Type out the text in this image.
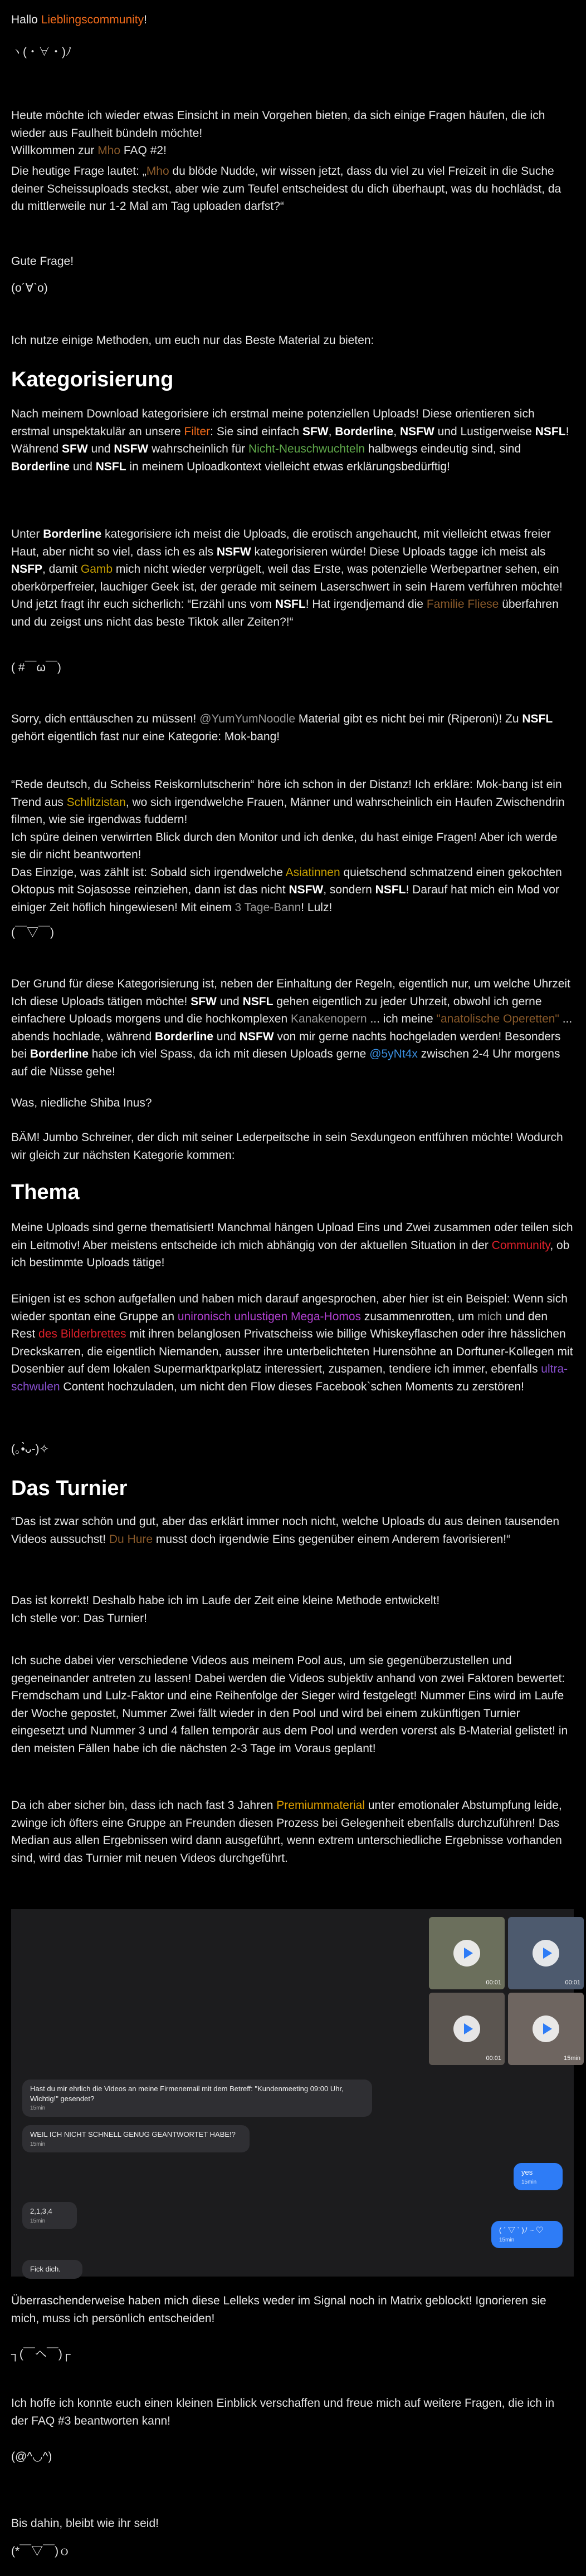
Hallo Lieblingscommunity!

ヽ(・∀・)ﾉ

Heute möchte ich wieder etwas Einsicht in mein Vorgehen bieten, da sich einige Fragen häufen, die ich wieder aus Faulheit bündeln möchte!
Willkommen zur Mho FAQ #2!

Die heutige Frage lautet: „Mho du blöde Nudde, wir wissen jetzt, dass du viel zu viel Freizeit in die Suche deiner Scheissuploads steckst, aber wie zum Teufel entscheidest du dich überhaupt, was du hochlädst, da du mittlerweile nur 1-2 Mal am Tag uploaden darfst?“

Gute Frage!

(o´∀`o)

Ich nutze einige Methoden, um euch nur das Beste Material zu bieten:

Kategorisierung

Nach meinem Download kategorisiere ich erstmal meine potenziellen Uploads! Diese orientieren sich erstmal unspektakulär an unsere Filter: Sie sind einfach SFW, Borderline, NSFW und Lustigerweise NSFL! Während SFW und NSFW wahrscheinlich für Nicht-Neuschwuchteln halbwegs eindeutig sind, sind Borderline und NSFL in meinem Uploadkontext vielleicht etwas erklärungsbedürftig!

Unter Borderline kategorisiere ich meist die Uploads, die erotisch angehaucht, mit vielleicht etwas freier Haut, aber nicht so viel, dass ich es als NSFW kategorisieren würde! Diese Uploads tagge ich meist als NSFP, damit Gamb mich nicht wieder verprügelt, weil das Erste, was potenzielle Werbepartner sehen, ein oberkörperfreier, lauchiger Geek ist, der gerade mit seinem Laserschwert in sein Harem verführen möchte! Und jetzt fragt ihr euch sicherlich: “Erzähl uns vom NSFL! Hat irgendjemand die Familie Fliese überfahren und du zeigst uns nicht das beste Tiktok aller Zeiten?!“

( #￣ω￣)

Sorry, dich enttäuschen zu müssen! @YumYumNoodle Material gibt es nicht bei mir (Riperoni)! Zu NSFL gehört eigentlich fast nur eine Kategorie: Mok-bang!

“Rede deutsch, du Scheiss Reiskornlutscherin“ höre ich schon in der Distanz! Ich erkläre: Mok-bang ist ein Trend aus Schlitzistan, wo sich irgendwelche Frauen, Männer und wahrscheinlich ein Haufen Zwischendrin filmen, wie sie irgendwas fuddern!
Ich spüre deinen verwirrten Blick durch den Monitor und ich denke, du hast einige Fragen! Aber ich werde sie dir nicht beantworten!
Das Einzige, was zählt ist: Sobald sich irgendwelche Asiatinnen quietschend schmatzend einen gekochten Oktopus mit Sojasosse reinziehen, dann ist das nicht NSFW, sondern NSFL! Darauf hat mich ein Mod vor einiger Zeit höflich hingewiesen! Mit einem 3 Tage-Bann! Lulz!

(￣▽￣)

Der Grund für diese Kategorisierung ist, neben der Einhaltung der Regeln, eigentlich nur, um welche Uhrzeit Ich diese Uploads tätigen möchte! SFW und NSFL gehen eigentlich zu jeder Uhrzeit, obwohl ich gerne einfachere Uploads morgens und die hochkomplexen Kanakenopern ... ich meine "anatolische Operetten" ... abends hochlade, während Borderline und NSFW von mir gerne nachts hochgeladen werden! Besonders bei Borderline habe ich viel Spass, da ich mit diesen Uploads gerne @5yNt4x zwischen 2-4 Uhr morgens auf die Nüsse gehe!

Was, niedliche Shiba Inus?

BÄM! Jumbo Schreiner, der dich mit seiner Lederpeitsche in sein Sexdungeon entführen möchte! Wodurch wir gleich zur nächsten Kategorie kommen:

Thema

Meine Uploads sind gerne thematisiert! Manchmal hängen Upload Eins und Zwei zusammen oder teilen sich ein Leitmotiv! Aber meistens entscheide ich mich abhängig von der aktuellen Situation in der Community, ob ich bestimmte Uploads tätige!

Einigen ist es schon aufgefallen und haben mich darauf angesprochen, aber hier ist ein Beispiel: Wenn sich wieder spontan eine Gruppe an unironisch unlustigen Mega-Homos zusammenrotten, um mich und den Rest des Bilderbrettes mit ihren belanglosen Privatscheiss wie billige Whiskeyflaschen oder ihre hässlichen Dreckskarren, die eigentlich Niemanden, ausser ihre unterbelichteten Hurensöhne an Dorftuner-Kollegen mit Dosenbier auf dem lokalen Supermarktparkplatz interessiert, zuspamen, tendiere ich immer, ebenfalls ultra-schwulen Content hochzuladen, um nicht den Flow dieses Facebook`schen Moments zu zerstören!

(｡•̀ᴗ-)✧

Das Turnier

“Das ist zwar schön und gut, aber das erklärt immer noch nicht, welche Uploads du aus deinen tausenden Videos aussuchst! Du Hure musst doch irgendwie Eins gegenüber einem Anderem favorisieren!“

Das ist korrekt! Deshalb habe ich im Laufe der Zeit eine kleine Methode entwickelt!
Ich stelle vor: Das Turnier!

Ich suche dabei vier verschiedene Videos aus meinem Pool aus, um sie gegenüberzustellen und gegeneinander antreten zu lassen! Dabei werden die Videos subjektiv anhand von zwei Faktoren bewertet: Fremdscham und Lulz-Faktor und eine Reihenfolge der Sieger wird festgelegt! Nummer Eins wird im Laufe der Woche gepostet, Nummer Zwei fällt wieder in den Pool und wird bei einem zukünftigen Turnier eingesetzt und Nummer 3 und 4 fallen temporär aus dem Pool und werden vorerst als B-Material gelistet! in den meisten Fällen habe ich die nächsten 2-3 Tage im Voraus geplant!

Da ich aber sicher bin, dass ich nach fast 3 Jahren Premiummaterial unter emotionaler Abstumpfung leide, zwinge ich öfters eine Gruppe an Freunden diesen Prozess bei Gelegenheit ebenfalls durchzuführen! Das Median aus allen Ergebnissen wird dann ausgeführt, wenn extrem unterschiedliche Ergebnisse vorhanden sind, wird das Turnier mit neuen Videos durchgeführt.

00:01	00:01
00:01	15min
Hast du mir ehrlich die Videos an meine Firmenemail mit dem Betreff: "Kundenmeeting 09:00 Uhr, Wichtig!" gesendet?
15min
WEIL ICH NICHT SCHNELL GENUG GEANTWORTET HABE!?
15min
yes
15min
2,1,3,4
15min
( ´ ▽ ` )ﾉ ~ ♡
15min
Fick dich.

Überraschenderweise haben mich diese Lelleks weder im Signal noch in Matrix geblockt! Ignorieren sie mich, muss ich persönlich entscheiden!

┐(￣ヘ￣)┌

Ich hoffe ich konnte euch einen kleinen Einblick verschaffen und freue mich auf weitere Fragen, die ich in der FAQ #3 beantworten kann!

(@^◡^)

Bis dahin, bleibt wie ihr seid!

(*￣▽￣)ｏ
